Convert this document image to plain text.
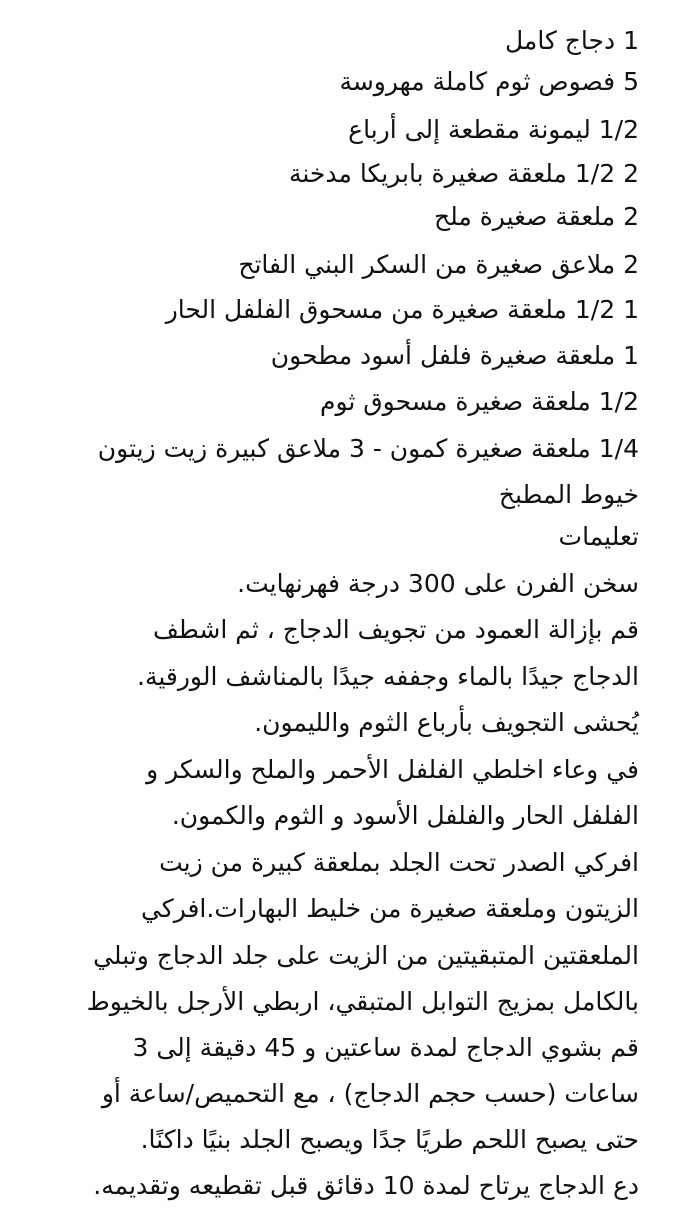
1 دجاج كامل
5 فصوص ثوم كاملة مهروسة
1/2 ليمونة مقطعة إلى أرباع
2 1/2 ملعقة صغيرة بابريكا مدخنة
2 ملعقة صغيرة ملح
2 ملاعق صغيرة من السكر البني الفاتح
1 1/2 ملعقة صغيرة من مسحوق الفلفل الحار
1 ملعقة صغيرة فلفل أسود مطحون
1/2 ملعقة صغيرة مسحوق ثوم
1/4 ملعقة صغيرة كمون - 3 ملاعق كبيرة زيت زيتون
خيوط المطبخ
تعليمات
سخن الفرن على 300 درجة فهرنهايت.
قم بإزالة العمود من تجويف الدجاج ، ثم اشطف
الدجاج جيدًا بالماء وجففه جيدًا بالمناشف الورقية.
يُحشى التجويف بأرباع الثوم والليمون.
في وعاء اخلطي الفلفل الأحمر والملح والسكر و
الفلفل الحار والفلفل الأسود و الثوم والكمون.
افركي الصدر تحت الجلد بملعقة كبيرة من زيت
الزيتون وملعقة صغيرة من خليط البهارات.افركي
الملعقتين المتبقيتين من الزيت على جلد الدجاج وتبلي
بالكامل بمزيج التوابل المتبقي، اربطي الأرجل بالخيوط
قم بشوي الدجاج لمدة ساعتين و 45 دقيقة إلى 3
ساعات (حسب حجم الدجاج) ، مع التحميص/ساعة أو
حتى يصبح اللحم طريًا جدًا ويصبح الجلد بنيًا داكنًا.
دع الدجاج يرتاح لمدة 10 دقائق قبل تقطيعه وتقديمه.
